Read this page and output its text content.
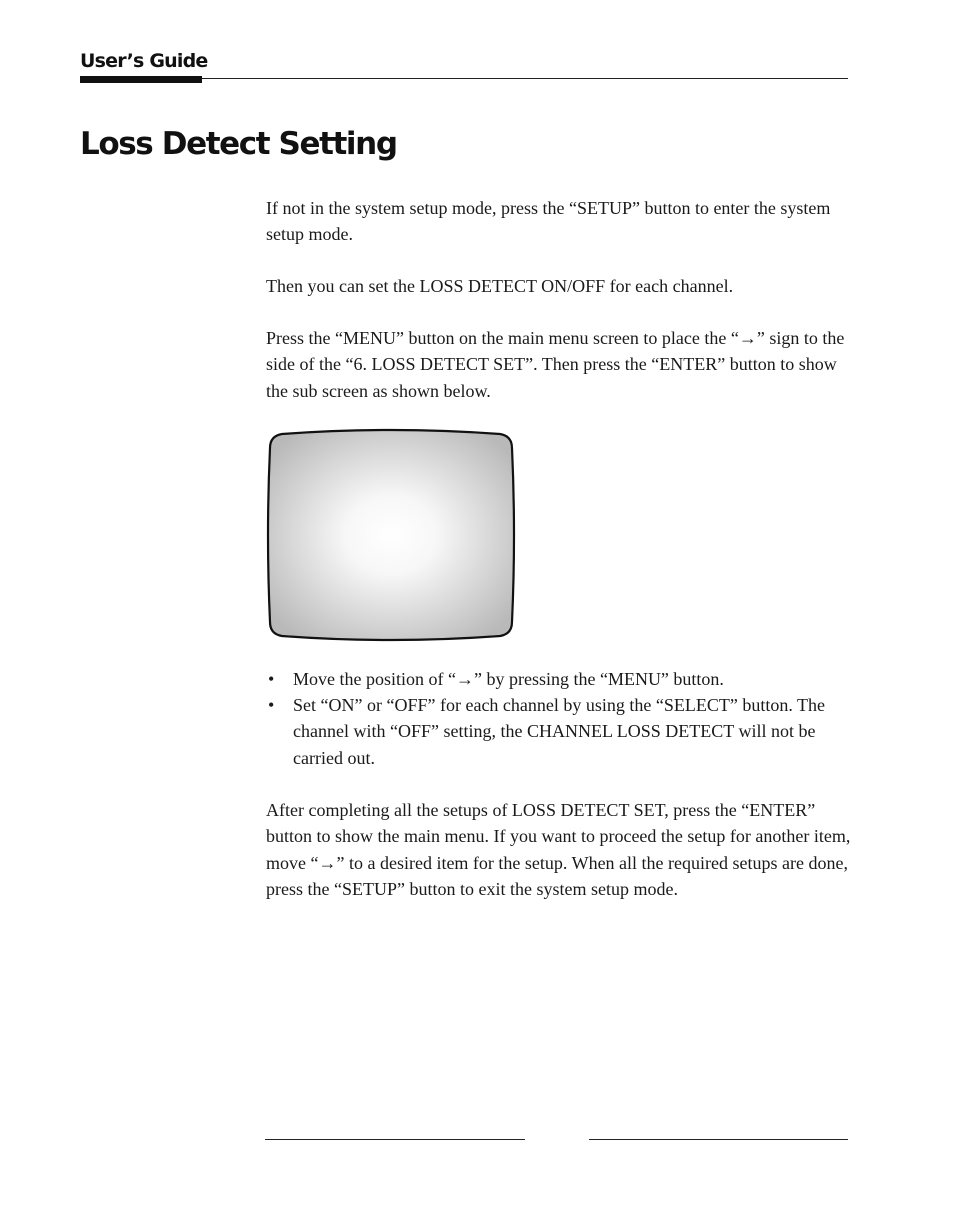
User’s Guide
Loss Detect Setting

If not in the system setup mode, press the “SETUP” button to enter the system setup mode.

Then you can set the LOSS DETECT ON/OFF for each channel.

Press the “MENU” button on the main menu screen to place the “→” sign to the side of the “6. LOSS DETECT SET”. Then press the “ENTER” button to show the sub screen as shown below.

• Move the position of “→” by pressing the “MENU” button.
• Set “ON” or “OFF” for each channel by using the “SELECT” button. The channel with “OFF” setting, the CHANNEL LOSS DETECT will not be carried out.

After completing all the setups of LOSS DETECT SET, press the “ENTER” button to show the main menu. If you want to proceed the setup for another item, move “→” to a desired item for the setup. When all the required setups are done, press the “SETUP” button to exit the system setup mode.
